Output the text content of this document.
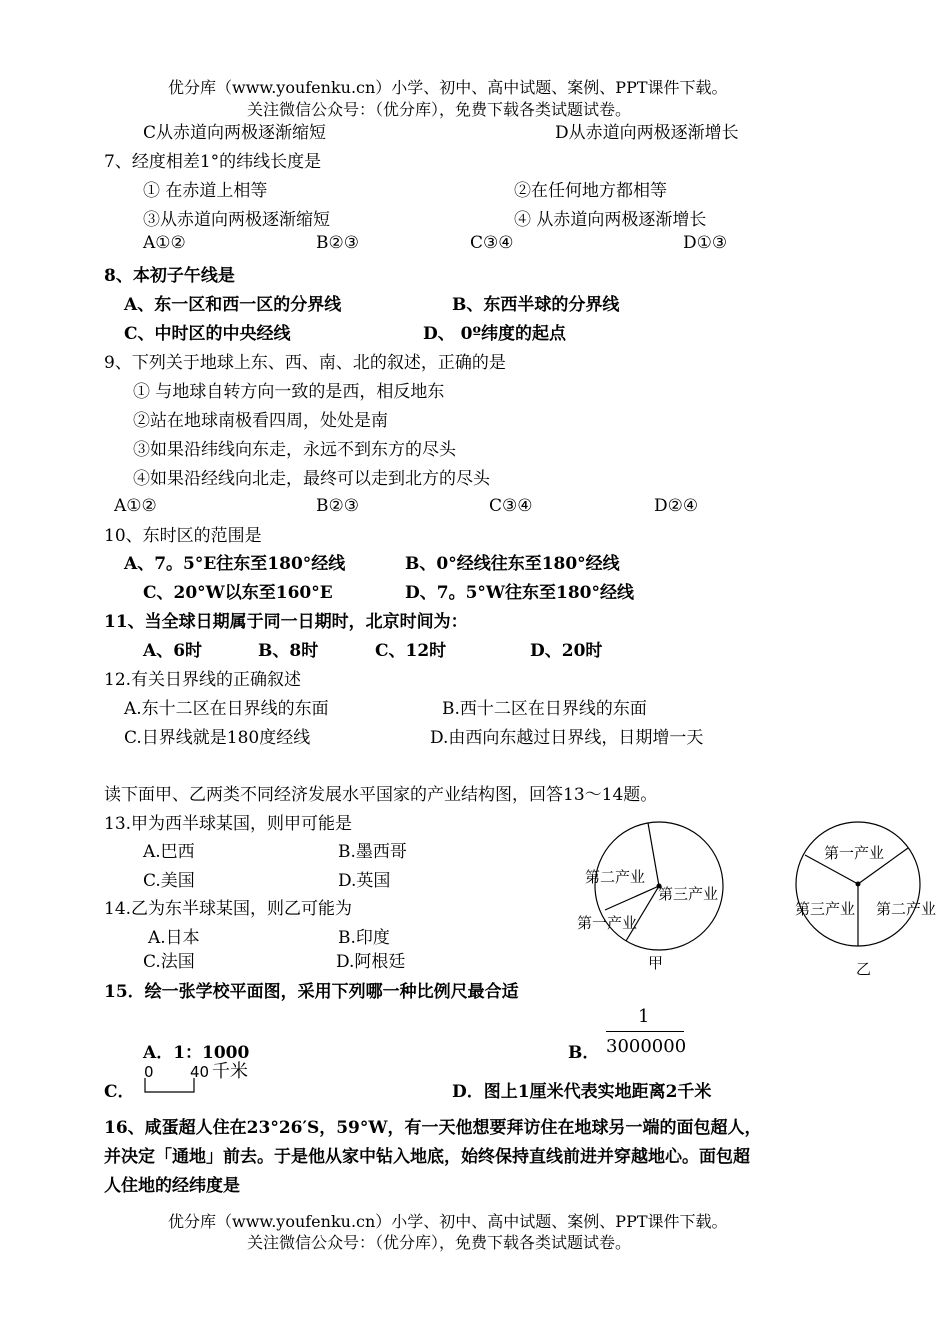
优分库（www.youfenku.cn）小学、初中、高中试题、案例、PPT课件下载。
关注微信公众号：（优分库），免费下载各类试题试卷。
C从赤道向两极逐渐缩短	D从赤道向两极逐渐增长
7、经度相差1°的纬线长度是
① 在赤道上相等	②在任何地方都相等
③从赤道向两极逐渐缩短	④ 从赤道向两极逐渐增长
A①②	B②③	C③④	D①③
8、本初子午线是
A、东一区和西一区的分界线	B、东西半球的分界线
C、中时区的中央经线	D、 0º纬度的起点
9、下列关于地球上东、西、南、北的叙述，正确的是
① 与地球自转方向一致的是西，相反地东
②站在地球南极看四周，处处是南
③如果沿纬线向东走，永远不到东方的尽头
④如果沿经线向北走，最终可以走到北方的尽头
A①②	B②③	C③④	D②④
10、东时区的范围是
A、7。5°E往东至180°经线	B、0°经线往东至180°经线
C、20°W以东至160°E	D、7。5°W往东至180°经线
11、当全球日期属于同一日期时，北京时间为：
A、6时	B、8时	C、12时	D、20时
12.有关日界线的正确叙述
A.东十二区在日界线的东面	B.西十二区在日界线的东面
C.日界线就是180度经线	D.由西向东越过日界线，日期增一天
读下面甲、乙两类不同经济发展水平国家的产业结构图，回答13～14题。
13.甲为西半球某国，则甲可能是
A.巴西	B.墨西哥
C.美国	D.英国
14.乙为东半球某国，则乙可能为
A.日本	B.印度
C.法国	D.阿根廷
第二产业
第三产业
第一产业
甲
第一产业
第三产业 第二产业
乙
15．绘一张学校平面图，采用下列哪一种比例尺最合适
A．1：1000	B．
1
3000000
C．
0 40 千米
D．图上1厘米代表实地距离2千米
16、咸蛋超人住在23°26′S，59°W，有一天他想要拜访住在地球另一端的面包超人，
并决定「通地」前去。于是他从家中钻入地底，始终保持直线前进并穿越地心。面包超
人住地的经纬度是
优分库（www.youfenku.cn）小学、初中、高中试题、案例、PPT课件下载。
关注微信公众号：（优分库），免费下载各类试题试卷。
